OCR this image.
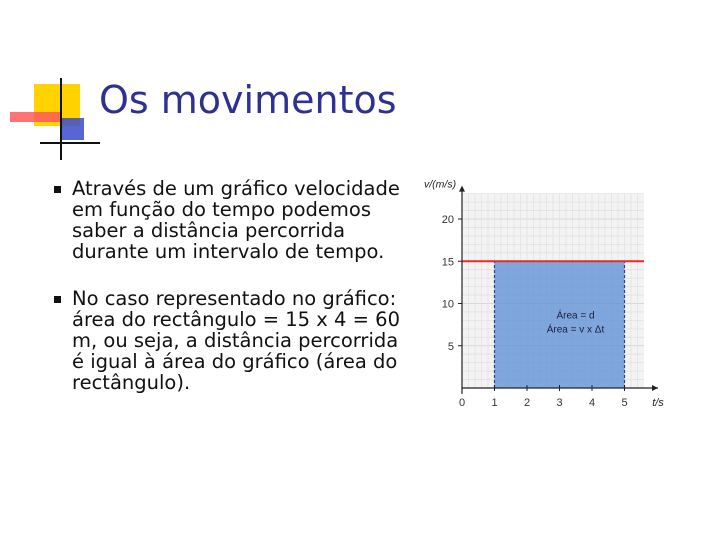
Os movimentos
Através de um gráfico velocidade em função do tempo podemos saber a distância percorrida durante um intervalo de tempo.
No caso representado no gráfico: área do rectângulo = 15 x 4 = 60 m, ou seja, a distância percorrida é igual à área do gráfico (área do rectângulo).
0 1 2 3 4 5
5
10
15
20
v/(m/s)
t/s
Área = d
Área = v x Δt
